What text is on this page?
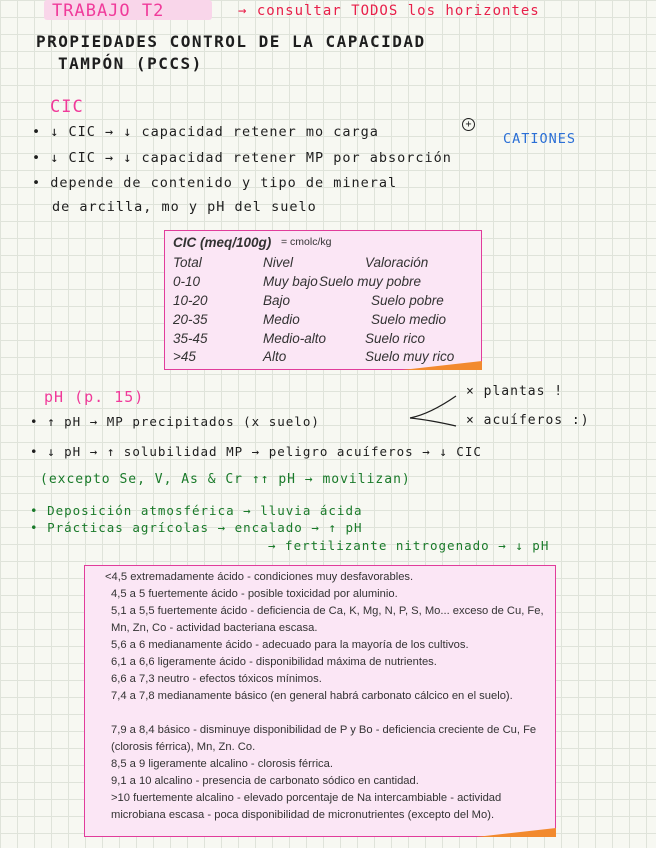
TRABAJO T2	→ consultar TODOS los horizontes
PROPIEDADES CONTROL DE LA CAPACIDAD
TAMPÓN (PCCS)
CIC
• ↓ CIC → ↓ capacidad retener mo carga	+
CATIONES
• ↓ CIC → ↓ capacidad retener MP por absorción
• depende de contenido y tipo de mineral
de arcilla, mo y pH del suelo
CIC (meq/100g) = cmolc/kg
Total	Nivel	Valoración
0-10	Muy bajo Suelo muy pobre
10-20	Bajo	Suelo pobre
20-35	Medio	Suelo medio
35-45	Medio-alto	Suelo rico
>45	Alto	Suelo muy rico
pH (p. 15)	× plantas !
• ↑ pH → MP precipitados (x suelo)	× acuíferos :)
• ↓ pH → ↑ solubilidad MP → peligro acuíferos → ↓ CIC
(excepto Se, V, As & Cr ↑↑ pH → movilizan)
• Deposición atmosférica → lluvia ácida
• Prácticas agrícolas → encalado → ↑ pH
→ fertilizante nitrogenado → ↓ pH
<4,5 extremadamente ácido - condiciones muy desfavorables.
4,5 a 5 fuertemente ácido - posible toxicidad por aluminio.
5,1 a 5,5 fuertemente ácido - deficiencia de Ca, K, Mg, N, P, S, Mo... exceso de Cu, Fe, Mn, Zn, Co - actividad bacteriana escasa.
5,6 a 6 medianamente ácido - adecuado para la mayoría de los cultivos.
6,1 a 6,6 ligeramente ácido - disponibilidad máxima de nutrientes.
6,6 a 7,3 neutro - efectos tóxicos mínimos.
7,4 a 7,8 medianamente básico (en general habrá carbonato cálcico en el suelo).
7,9 a 8,4 básico - disminuye disponibilidad de P y Bo - deficiencia creciente de Cu, Fe (clorosis férrica), Mn, Zn. Co.
8,5 a 9 ligeramente alcalino - clorosis férrica.
9,1 a 10 alcalino - presencia de carbonato sódico en cantidad.
>10 fuertemente alcalino - elevado porcentaje de Na intercambiable - actividad microbiana escasa - poca disponibilidad de micronutrientes (excepto del Mo).
